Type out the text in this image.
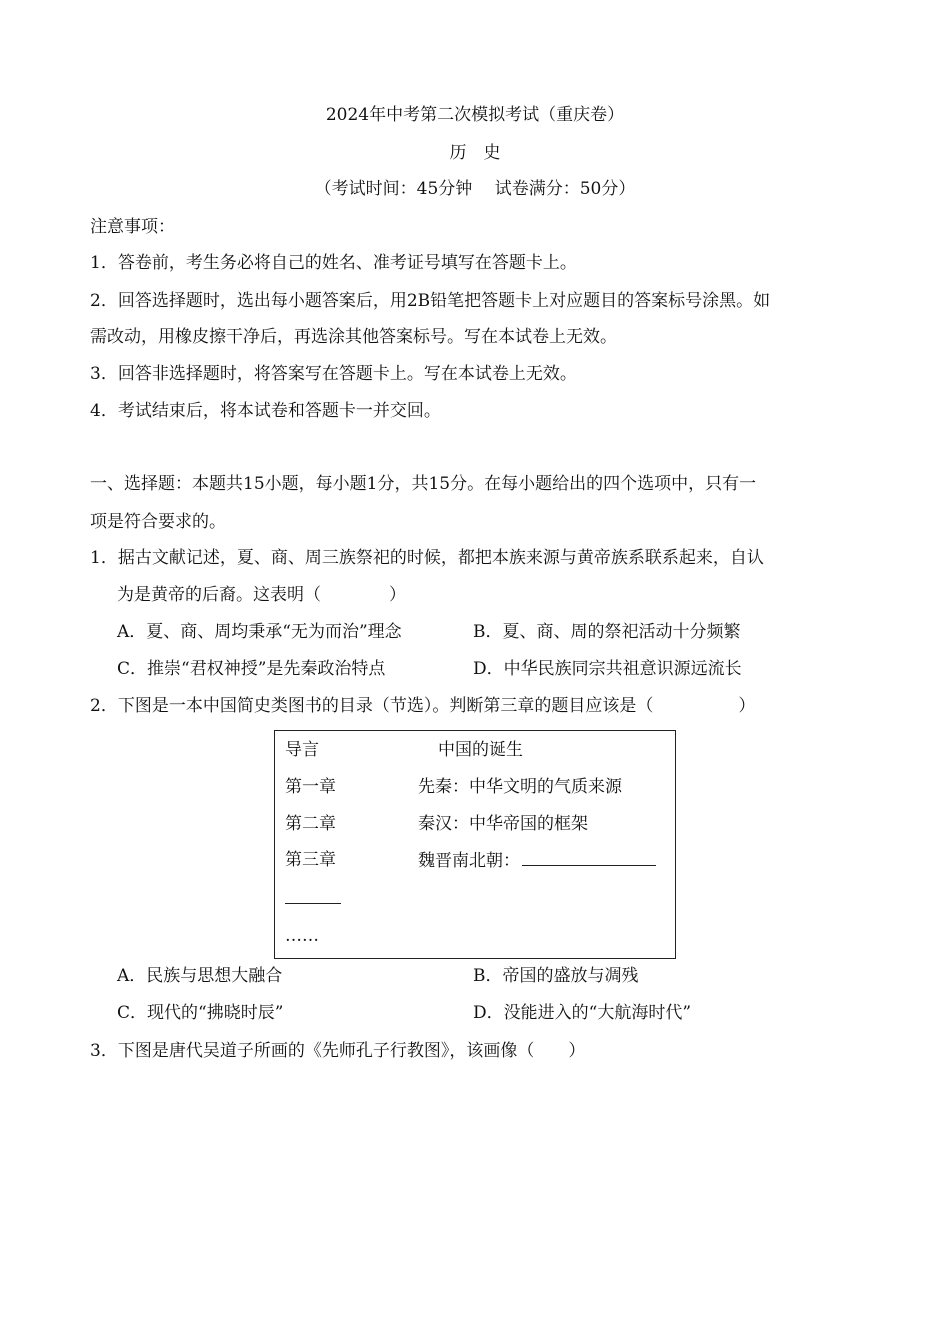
2024年中考第二次模拟考试（重庆卷）
历　史
（考试时间：45分钟　 试卷满分：50分）
注意事项：
1．答卷前，考生务必将自己的姓名、准考证号填写在答题卡上。
2．回答选择题时，选出每小题答案后，用2B铅笔把答题卡上对应题目的答案标号涂黑。如
需改动，用橡皮擦干净后，再选涂其他答案标号。写在本试卷上无效。
3．回答非选择题时，将答案写在答题卡上。写在本试卷上无效。
4．考试结束后，将本试卷和答题卡一并交回。
一、选择题：本题共15小题，每小题1分，共15分。在每小题给出的四个选项中，只有一
项是符合要求的。
1．据古文献记述，夏、商、周三族祭祀的时候，都把本族来源与黄帝族系联系起来，自认
为是黄帝的后裔。这表明（　　　　）
A．夏、商、周均秉承“无为而治”理念	B．夏、商、周的祭祀活动十分频繁
C．推崇“君权神授”是先秦政治特点	D．中华民族同宗共祖意识源远流长
2．下图是一本中国简史类图书的目录（节选）。判断第三章的题目应该是（　　　　　）
导言	中国的诞生
第一章	先秦：中华文明的气质来源
第二章	秦汉：中华帝国的框架
第三章	魏晋南北朝：
……
A．民族与思想大融合	B．帝国的盛放与凋残
C．现代的“拂晓时辰”	D．没能进入的“大航海时代”
3．下图是唐代吴道子所画的《先师孔子行教图》，该画像（　　）
